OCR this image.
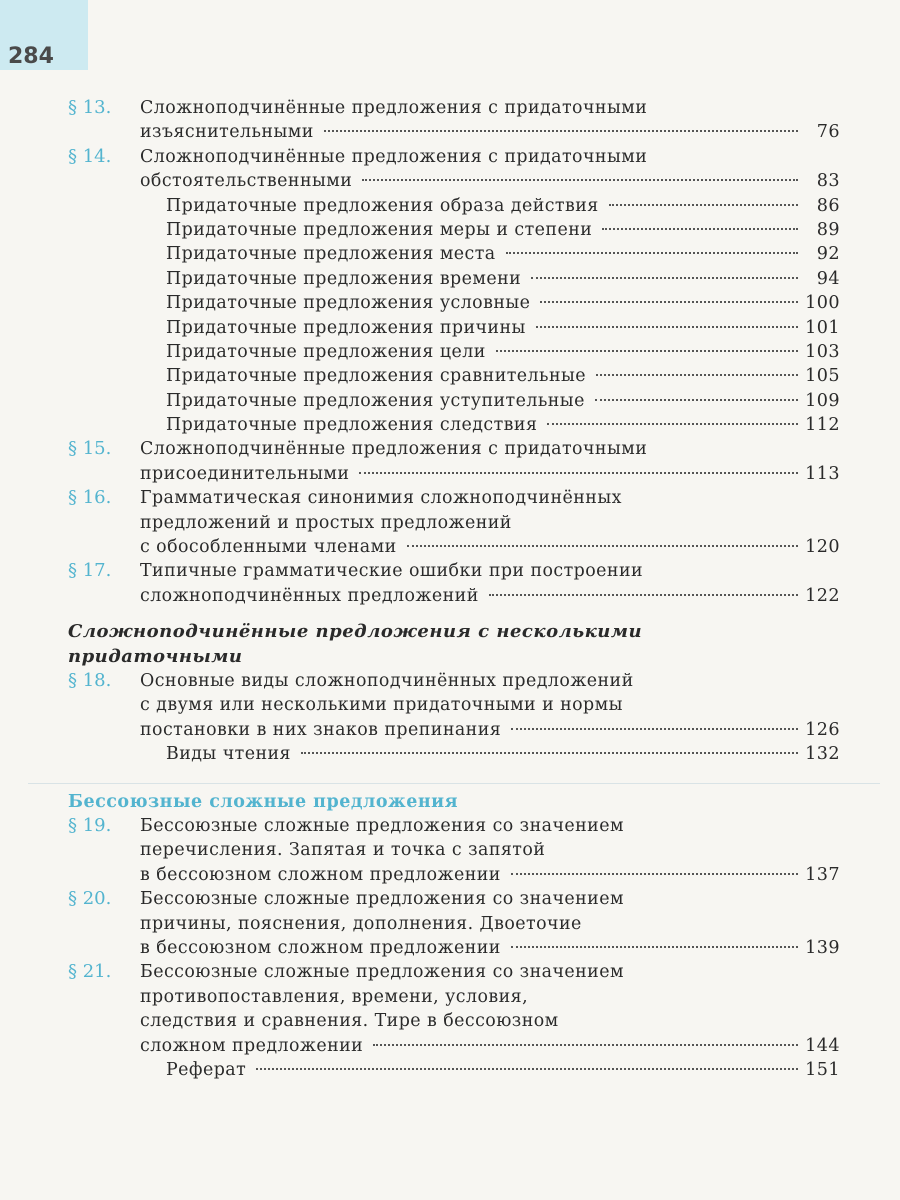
284
§ 13. Сложноподчинённые предложения с придаточными
изъяснительными	76
§ 14. Сложноподчинённые предложения с придаточными
обстоятельственными	83
Придаточные предложения образа действия	86
Придаточные предложения меры и степени	89
Придаточные предложения места	92
Придаточные предложения времени	94
Придаточные предложения условные	100
Придаточные предложения причины	101
Придаточные предложения цели	103
Придаточные предложения сравнительные	105
Придаточные предложения уступительные	109
Придаточные предложения следствия	112
§ 15. Сложноподчинённые предложения с придаточными
присоединительными	113
§ 16. Грамматическая синонимия сложноподчинённых
предложений и простых предложений
с обособленными членами	120
§ 17. Типичные грамматические ошибки при построении
сложноподчинённых предложений	122
Сложноподчинённые предложения с несколькими
придаточными
§ 18. Основные виды сложноподчинённых предложений
с двумя или несколькими придаточными и нормы
постановки в них знаков препинания	126
Виды чтения	132
Бессоюзные сложные предложения
§ 19. Бессоюзные сложные предложения со значением
перечисления. Запятая и точка с запятой
в бессоюзном сложном предложении	137
§ 20. Бессоюзные сложные предложения со значением
причины, пояснения, дополнения. Двоеточие
в бессоюзном сложном предложении	139
§ 21. Бессоюзные сложные предложения со значением
противопоставления, времени, условия,
следствия и сравнения. Тире в бессоюзном
сложном предложении	144
Реферат	151
